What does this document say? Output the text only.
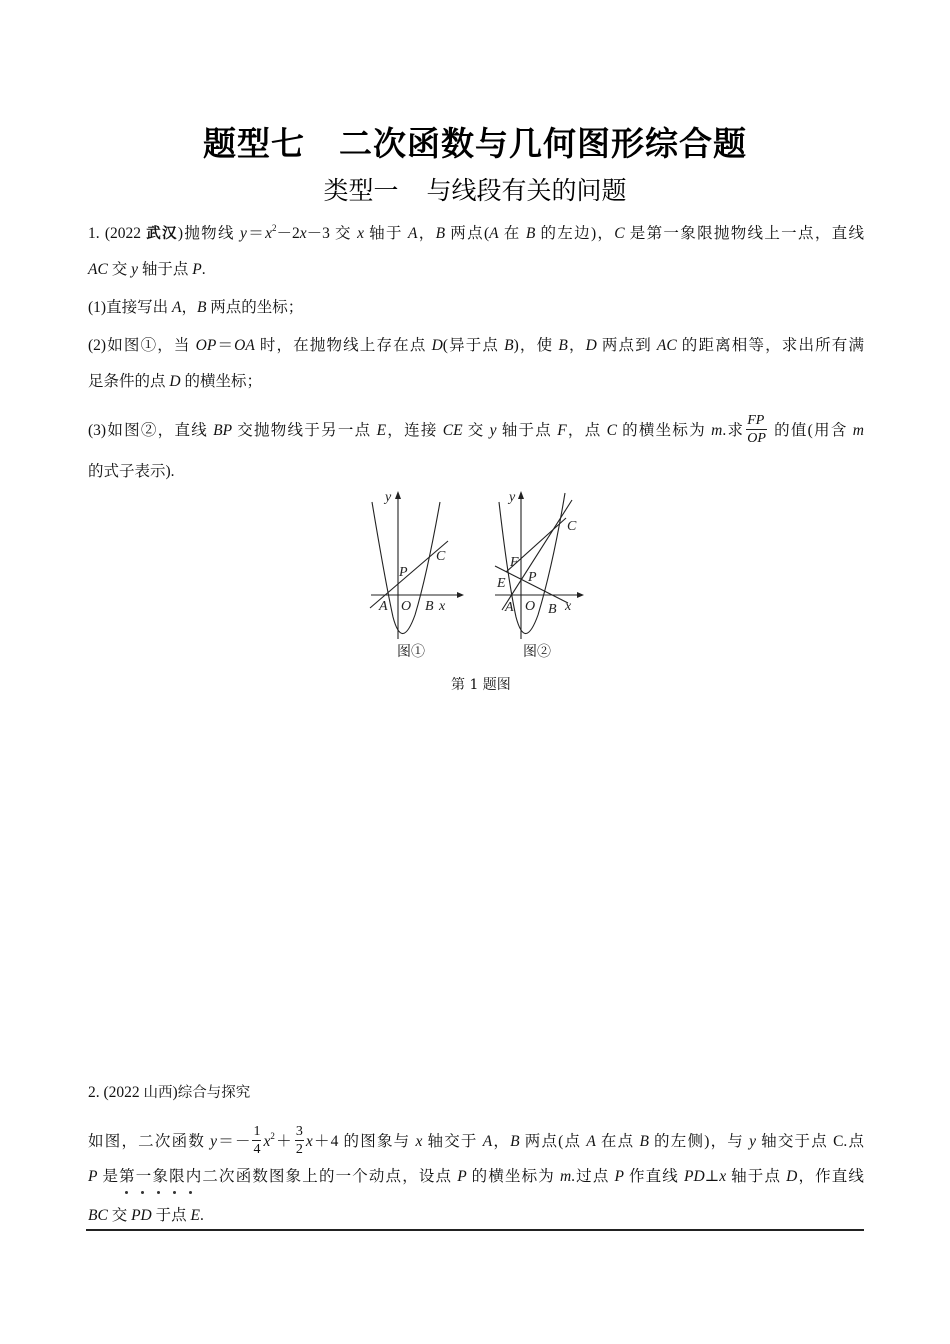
题型七 二次函数与几何图形综合题
类型一 与线段有关的问题
1. (2022 武汉)抛物线 $y=x^2-2x-3$ 交 x 轴于 A，B 两点(A 在 B 的左边)，C 是第一象限抛物线上一点，直线
AC 交 y 轴于点 P.
(1)直接写出 A，B 两点的坐标；
(2)如图①，当 OP＝OA 时，在抛物线上存在点 D(异于点 B)，使 B，D 两点到 AC 的距离相等，求出所有满
足条件的点 D 的横坐标；
(3)如图②，直线 BP 交抛物线于另一点 E，连接 CE 交 y 轴于点 F，点 C 的横坐标为 m.求 $\frac{FP}{OP}$ 的值(用含 m
的式子表示).
y
x
A O B
P
C
y
x
A O B
P
C
E
F
图①	图②
第 1 题图
2. (2022 山西)综合与探究
如图，二次函数 $y=- \frac{1}{4} x^2+ \frac{3}{2} x+4$ 的图象与 x 轴交于 A，B 两点(点 A 在点 B 的左侧)，与 y 轴交于点 C.点
P 是第一象限内
二次函数图象上的一个动点，设点 P 的横坐标为 m.过点 P 作直线 PD⊥x 轴于点 D，作直线
BC 交 PD 于点 E.
